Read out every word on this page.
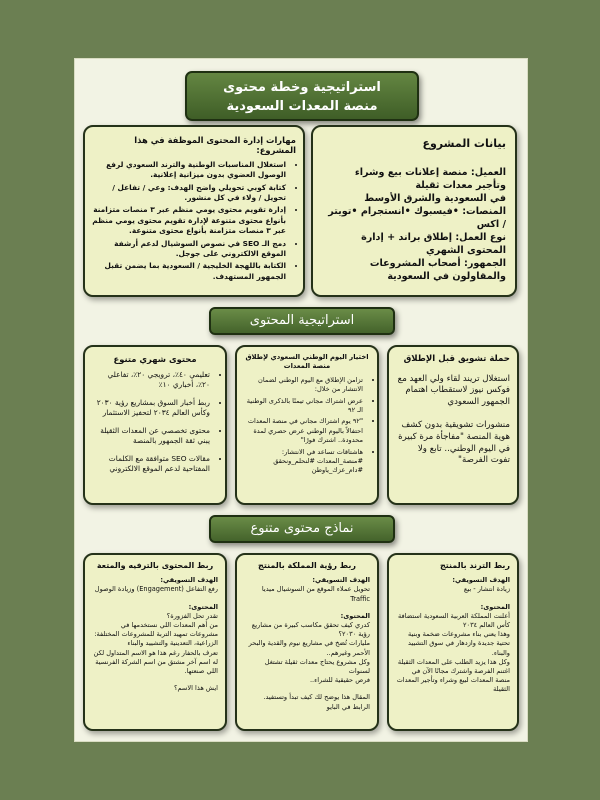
استراتيجية وخطة محتوى
منصة المعدات السعودية
بيانات المشروع

العميل: منصة إعلانات بيع وشراء وتأجير معدات ثقيلة

في السعودية والشرق الأوسط

المنصات: •فيسبوك •انستجرام •تويتر / اكس

نوع العمل: إطلاق براند + إدارة المحتوى الشهري

الجمهور: أصحاب المشروعات والمقاولون في السعودية

مهارات إدارة المحتوى الموظفة في هذا المشروع:
• استغلال المناسبات الوطنية والترند السعودي لرفع الوصول العضوي بدون ميزانية إعلانية.
• كتابة كوبي تحويلي واضح الهدف: وعي / تفاعل / تحويل / ولاء في كل منشور.
• إدارة تقويم محتوى يومي منظم عبر ٣ منصات متزامنة بأنواع محتوى متنوعة لإدارة تقويم محتوى يومي منظم عبر ٣ منصات متزامنة بأنواع محتوى متنوعة.
• دمج الـ SEO في نصوص السوشيال لدعم أرشفة الموقع الالكتروني على جوجل.
• الكتابة باللهجة الخليجية / السعودية بما يضمن تقبل الجمهور المستهدف.
استراتيجية المحتوى
حملة تشويق قبل الإطلاق

استغلال تريند لقاء ولي العهد مع فوكس نيوز لاستقطاب اهتمام الجمهور السعودي

منشورات تشويقية بدون كشف هوية المنصة "مفاجأة مرة كبيرة في اليوم الوطني.. تابع ولا تفوت الفرصة"

اختيار اليوم الوطني السعودي لإطلاق منصة المعدات
• تزامن الإطلاق مع اليوم الوطني لضمان الانتشار من خلال:
• عرض اشتراك مجاني تيمنًا بالذكرى الوطنية الـ ٩٢
• "٩٢ يوم اشتراك مجاني في منصة المعدات احتفالاً باليوم الوطني عرض حصري لمدة محدودة.. اشترك فورًا"
• هاشتاقات تساعد في الانتشار: #منصة_المعدات #لنحلم_ونحقق #دام_عزك_ياوطن
محتوى شهري متنوع
• تعليمي ٤٠٪، ترويجي ٢٠٪، تفاعلي ٢٠٪، أخباري ١٠٪
• ربط أخبار السوق بمشاريع رؤية ٢٠٣٠ وكأس العالم ٢٠٣٤ لتحفيز الاستثمار
• محتوى تخصصي عن المعدات الثقيلة يبني ثقة الجمهور بالمنصة
• مقالات SEO متوافقة مع الكلمات المفتاحية لدعم الموقع الالكتروني
نماذج محتوى متنوع
ربط الترند بالمنتج

الهدف التسويقي:

زيادة انتشار - بيع

المحتوى:

أعلنت المملكة العربية السعودية استضافة كأس العالم ٢٠٣٤

وهذا يعني بناء مشروعات ضخمة وبنية تحتية جديدة وازدهار في سوق التشييد والبناء.

وكل هذا يزيد الطلب على المعدات الثقيلة

اغتنم الفرصة واشترك مجانًا الآن في منصة المعدات لبيع وشراء وتأجير المعدات الثقيلة

ربط رؤية المملكة بالمنتج

الهدف التسويقي:

تحويل عملاء الموقع من السوشيال ميديا Traffic

المحتوى:

كدري كيف تحقق مكاسب كبيرة من مشاريع رؤية ٢٠٣٠؟

مليارات تُضخ في مشاريع نيوم والقدية والبحر الأحمر وغيرهم..

وكل مشروع يحتاج معدات ثقيلة تشتغل لسنوات

فرص حقيقية للشراء..

المقال هذا يوضح لك كيف تبدأ وتستفيد. الرابط في البايو

ربط المحتوى بالترفيه والمتعة

الهدف التسويقي:

رفع التفاعل (Engagement) وزيادة الوصول

المحتوى:

تقدر تحل الفزورة؟

من أهم المعدات اللي نستخدمها في مشروعات تمهيد التربة للمشروعات المختلفة: الزراعية، التعدينية والتشييد والبناء

تعرف بالحفار رغم هذا هو الاسم المتداول لكن له اسم آخر مشتق من اسم الشركة الفرنسية اللي صنعتها.

ايش هذا الاسم؟
